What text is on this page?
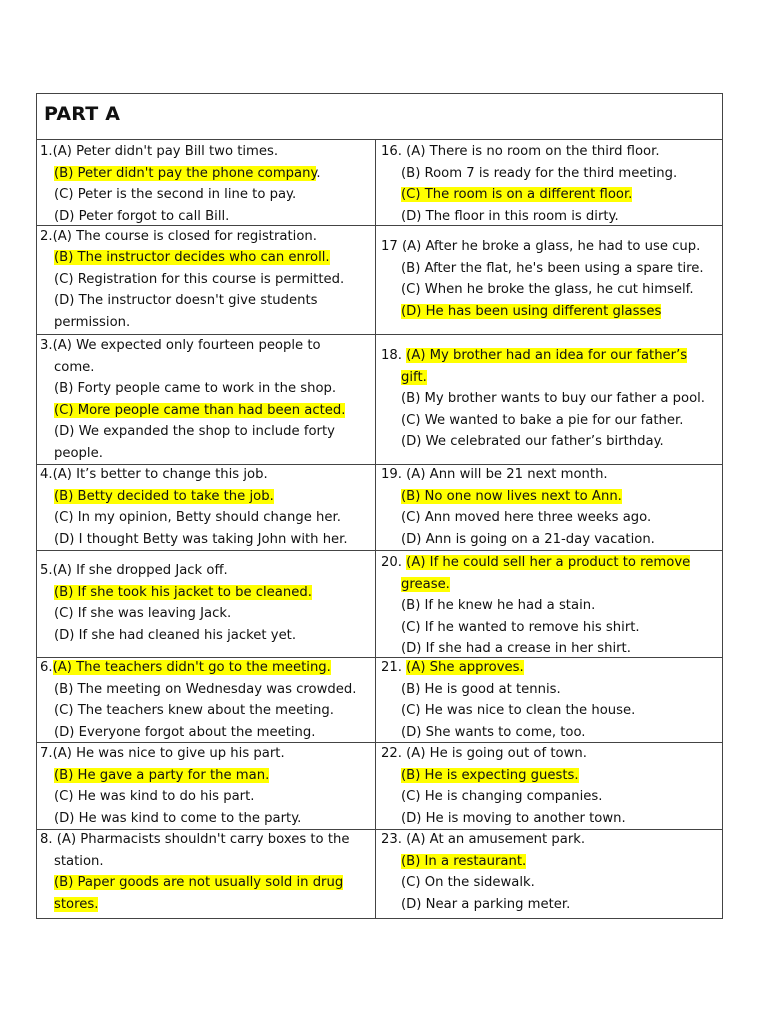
PART A
1.(A) Peter didn't pay Bill two times.
(B) Peter didn't pay the phone company.
(C) Peter is the second in line to pay.
(D) Peter forgot to call Bill.
16. (A) There is no room on the third floor.
(B) Room 7 is ready for the third meeting.
(C) The room is on a different floor.
(D) The floor in this room is dirty.
2.(A) The course is closed for registration.
(B) The instructor decides who can enroll.
(C) Registration for this course is permitted.
(D) The instructor doesn't give students
permission.
17 (A) After he broke a glass, he had to use cup.
(B) After the flat, he's been using a spare tire.
(C) When he broke the glass, he cut himself.
(D) He has been using different glasses
3.(A) We expected only fourteen people to
come.
(B) Forty people came to work in the shop.
(C) More people came than had been acted.
(D) We expanded the shop to include forty
people.
18. (A) My brother had an idea for our father’s
gift.
(B) My brother wants to buy our father a pool.
(C) We wanted to bake a pie for our father.
(D) We celebrated our father’s birthday.
4.(A) It’s better to change this job.
(B) Betty decided to take the job.
(C) In my opinion, Betty should change her.
(D) I thought Betty was taking John with her.
19. (A) Ann will be 21 next month.
(B) No one now lives next to Ann.
(C) Ann moved here three weeks ago.
(D) Ann is going on a 21-day vacation.
5.(A) If she dropped Jack off.
(B) If she took his jacket to be cleaned.
(C) If she was leaving Jack.
(D) If she had cleaned his jacket yet.
20. (A) If he could sell her a product to remove
grease.
(B) If he knew he had a stain.
(C) If he wanted to remove his shirt.
(D) If she had a crease in her shirt.
6.(A) The teachers didn't go to the meeting.
(B) The meeting on Wednesday was crowded.
(C) The teachers knew about the meeting.
(D) Everyone forgot about the meeting.
21. (A) She approves.
(B) He is good at tennis.
(C) He was nice to clean the house.
(D) She wants to come, too.
7.(A) He was nice to give up his part.
(B) He gave a party for the man.
(C) He was kind to do his part.
(D) He was kind to come to the party.
22. (A) He is going out of town.
(B) He is expecting guests.
(C) He is changing companies.
(D) He is moving to another town.
8. (A) Pharmacists shouldn't carry boxes to the
station.
(B) Paper goods are not usually sold in drug
stores.
23. (A) At an amusement park.
(B) In a restaurant.
(C) On the sidewalk.
(D) Near a parking meter.
